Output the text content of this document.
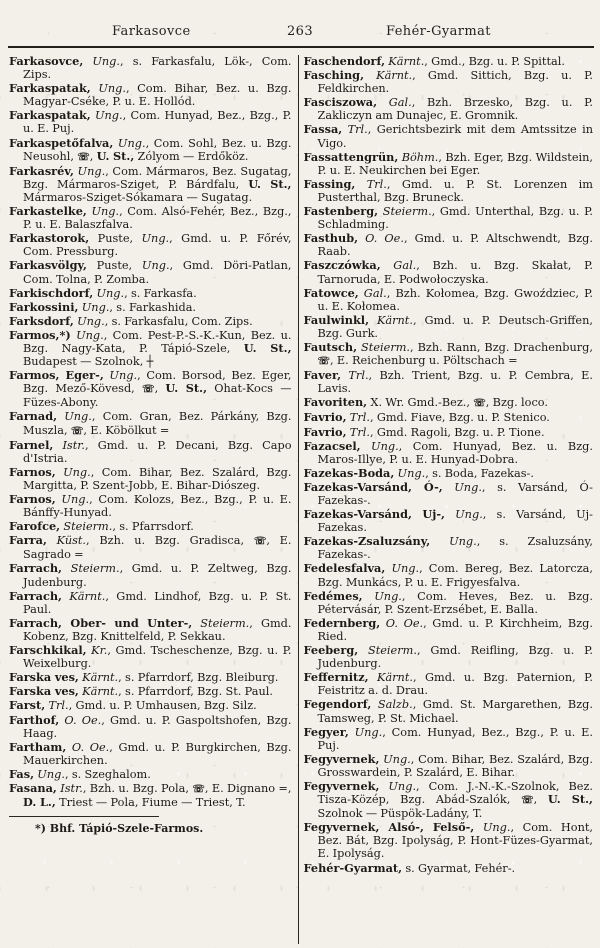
Farkasovce	263	Fehér-Gyarmat

Farkasovce, Ung., s. Farkasfalu, Lök-, Com. Zips.

Farkaspatak, Ung., Com. Bihar, Bez. u. Bzg. Magyar-Cséke, P. u. E. Hollód.

Farkaspatak, Ung., Com. Hunyad, Bez., Bzg., P. u. E. Puj.

Farkaspetőfalva, Ung., Com. Sohl, Bez. u. Bzg. Neusohl, ☏, U. St., Zólyom — Erdőköz.

Farkasrév, Ung., Com. Mármaros, Bez. Sugatag, Bzg. Mármaros-Sziget, P. Bárdfalu, U. St., Mármaros-Sziget-Sókamara — Sugatag.

Farkastelke, Ung., Com. Alsó-Fehér, Bez., Bzg., P. u. E. Balaszfalva.

Farkastorok, Puste, Ung., Gmd. u. P. Főrév, Com. Pressburg.

Farkasvölgy, Puste, Ung., Gmd. Döri-Patlan, Com. Tolna, P. Zomba.

Farkischdorf, Ung., s. Farkasfa.

Farkossini, Ung., s. Farkashida.

Farksdorf, Ung., s. Farkasfalu, Com. Zips.

Farmos,*) Ung., Com. Pest-P.-S.-K.-Kun, Bez. u. Bzg. Nagy-Kata, P. Tápió-Szele, U. St., Budapest — Szolnok, ┼

Farmos, Eger-, Ung., Com. Borsod, Bez. Eger, Bzg. Mező-Kövesd, ☏, U. St., Ohat-Kocs — Füzes-Abony.

Farnad, Ung., Com. Gran, Bez. Párkány, Bzg. Muszla, ☏, E. Köbölkut =

Farnel, Istr., Gmd. u. P. Decani, Bzg. Capo d'Istria.

Farnos, Ung., Com. Bihar, Bez. Szalárd, Bzg. Margitta, P. Szent-Jobb, E. Bihar-Diószeg.

Farnos, Ung., Com. Kolozs, Bez., Bzg., P. u. E. Bánffy-Hunyad.

Farofce, Steierm., s. Pfarrsdorf.

Farra, Küst., Bzh. u. Bzg. Gradisca, ☏, E. Sagrado =

Farrach, Steierm., Gmd. u. P. Zeltweg, Bzg. Judenburg.

Farrach, Kärnt., Gmd. Lindhof, Bzg. u. P. St. Paul.

Farrach, Ober- und Unter-, Steierm., Gmd. Kobenz, Bzg. Knittelfeld, P. Sekkau.

Farschkikal, Kr., Gmd. Tscheschenze, Bzg. u. P. Weixelburg.

Farska ves, Kärnt., s. Pfarrdorf, Bzg. Bleiburg.

Farska ves, Kärnt., s. Pfarrdorf, Bzg. St. Paul.

Farst, Trl., Gmd. u. P. Umhausen, Bzg. Silz.

Farthof, O. Oe., Gmd. u. P. Gaspoltshofen, Bzg. Haag.

Fartham, O. Oe., Gmd. u. P. Burgkirchen, Bzg. Mauerkirchen.

Fas, Ung., s. Szeghalom.

Fasana, Istr., Bzh. u. Bzg. Pola, ☏, E. Dignano =, D. L., Triest — Pola, Fiume — Triest, T.

*) Bhf. Tápió-Szele-Farmos.

Faschendorf, Kärnt., Gmd., Bzg. u. P. Spittal.

Fasching, Kärnt., Gmd. Sittich, Bzg. u. P. Feldkirchen.

Fasciszowa, Gal., Bzh. Brzesko, Bzg. u. P. Zakliczyn am Dunajec, E. Gromnik.

Fassa, Trl., Gerichtsbezirk mit dem Amtssitze in Vigo.

Fassattengrün, Böhm., Bzh. Eger, Bzg. Wildstein, P. u. E. Neukirchen bei Eger.

Fassing, Trl., Gmd. u. P. St. Lorenzen im Pusterthal, Bzg. Bruneck.

Fastenberg, Steierm., Gmd. Unterthal, Bzg. u. P. Schladming.

Fasthub, O. Oe., Gmd. u. P. Altschwendt, Bzg. Raab.

Faszczówka, Gal., Bzh. u. Bzg. Skałat, P. Tarnoruda, E. Podwołoczyska.

Fatowce, Gal., Bzh. Kołomea, Bzg. Gwoździec, P. u. E. Kołomea.

Faulwinkl, Kärnt., Gmd. u. P. Deutsch-Griffen, Bzg. Gurk.

Fautsch, Steierm., Bzh. Rann, Bzg. Drachenburg, ☏, E. Reichenburg u. Pöltschach =

Faver, Trl., Bzh. Trient, Bzg. u. P. Cembra, E. Lavis.

Favoriten, X. Wr. Gmd.-Bez., ☏, Bzg. loco.

Favrio, Trl., Gmd. Fiave, Bzg. u. P. Stenico.

Favrio, Trl., Gmd. Ragoli, Bzg. u. P. Tione.

Fazacsel, Ung., Com. Hunyad, Bez. u. Bzg. Maros-Illye, P. u. E. Hunyad-Dobra.

Fazekas-Boda, Ung., s. Boda, Fazekas-.

Fazekas-Varsánd, Ó-, Ung., s. Varsánd, Ó-Fazekas-.

Fazekas-Varsánd, Uj-, Ung., s. Varsánd, Uj-Fazekas.

Fazekas-Zsaluzsány, Ung., s. Zsaluzsány, Fazekas-.

Fedelesfalva, Ung., Com. Bereg, Bez. Latorcza, Bzg. Munkács, P. u. E. Frigyesfalva.

Fedémes, Ung., Com. Heves, Bez. u. Bzg. Pétervásár, P. Szent-Erzsébet, E. Balla.

Federnberg, O. Oe., Gmd. u. P. Kirchheim, Bzg. Ried.

Feeberg, Steierm., Gmd. Reifling, Bzg. u. P. Judenburg.

Feffernitz, Kärnt., Gmd. u. Bzg. Paternion, P. Feistritz a. d. Drau.

Fegendorf, Salzb., Gmd. St. Margarethen, Bzg. Tamsweg, P. St. Michael.

Fegyer, Ung., Com. Hunyad, Bez., Bzg., P. u. E. Puj.

Fegyvernek, Ung., Com. Bihar, Bez. Szalárd, Bzg. Grosswardein, P. Szalárd, E. Bihar.

Fegyvernek, Ung., Com. J.-N.-K.-Szolnok, Bez. Tisza-Közép, Bzg. Abád-Szalók, ☏, U. St., Szolnok — Püspök-Ladány, T.

Fegyvernek, Alsó-, Felső-, Ung., Com. Hont, Bez. Bát, Bzg. Ipolyság, P. Hont-Füzes-Gyarmat, E. Ipolyság.

Fehér-Gyarmat, s. Gyarmat, Fehér-.
